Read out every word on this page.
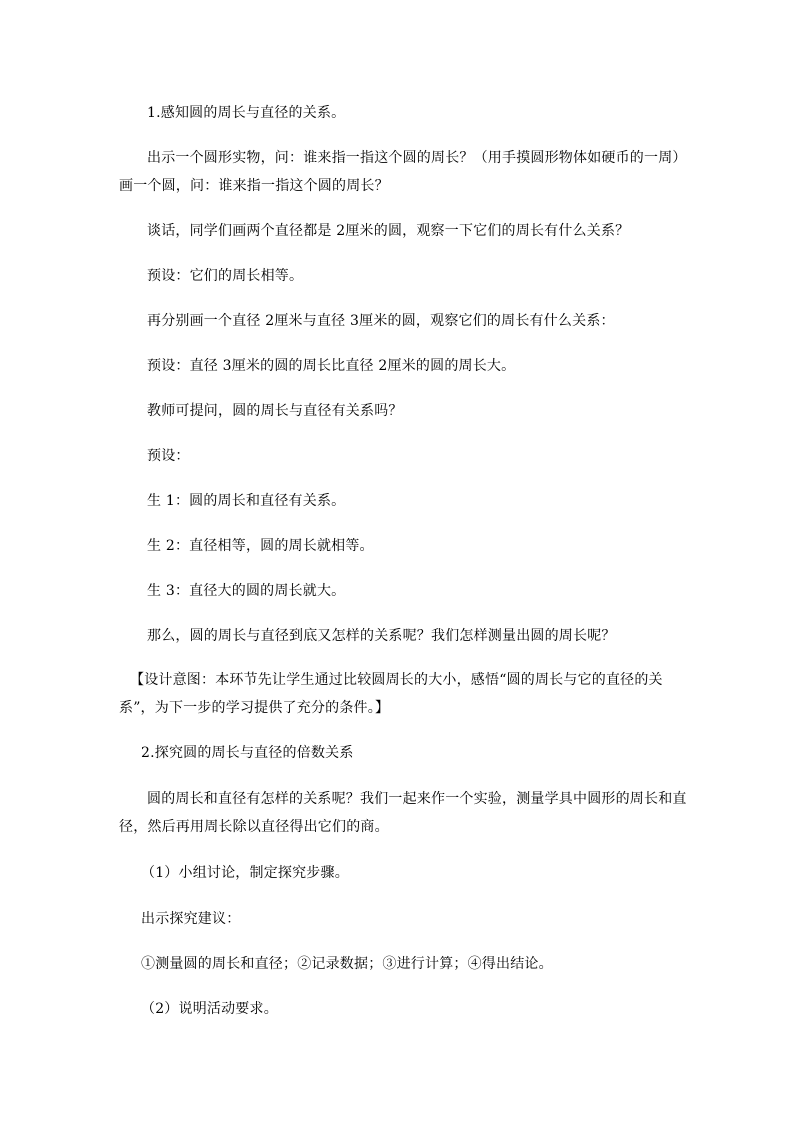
1.感知圆的周长与直径的关系。
出示一个圆形实物，问：谁来指一指这个圆的周长？（用手摸圆形物体如硬币的一周）
画一个圆，问：谁来指一指这个圆的周长？
谈话，同学们画两个直径都是 2厘米的圆，观察一下它们的周长有什么关系？
预设：它们的周长相等。
再分别画一个直径 2厘米与直径 3厘米的圆，观察它们的周长有什么关系：
预设：直径 3厘米的圆的周长比直径 2厘米的圆的周长大。
教师可提问，圆的周长与直径有关系吗？
预设：
生 1：圆的周长和直径有关系。
生 2：直径相等，圆的周长就相等。
生 3：直径大的圆的周长就大。
那么，圆的周长与直径到底又怎样的关系呢？我们怎样测量出圆的周长呢？
【设计意图：本环节先让学生通过比较圆周长的大小，感悟“圆的周长与它的直径的关
系”，为下一步的学习提供了充分的条件。】
2.探究圆的周长与直径的倍数关系
圆的周长和直径有怎样的关系呢？我们一起来作一个实验，测量学具中圆形的周长和直
径，然后再用周长除以直径得出它们的商。
（1）小组讨论，制定探究步骤。
出示探究建议：
①测量圆的周长和直径；②记录数据；③进行计算；④得出结论。
（2）说明活动要求。
